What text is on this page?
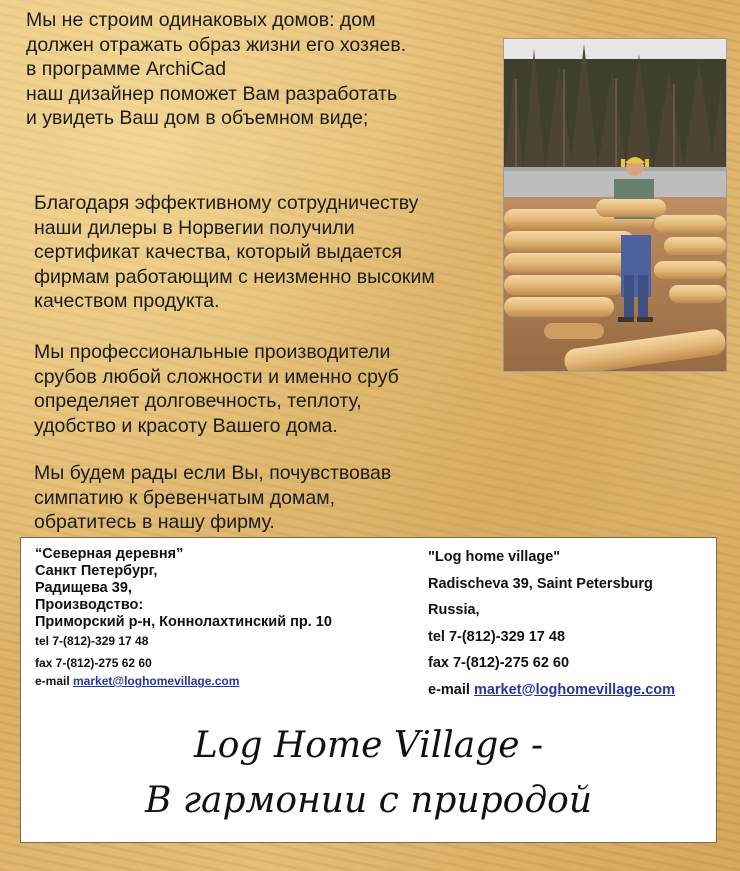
Мы не строим одинаковых домов: дом
должен отражать образ жизни его хозяев.
в программе ArchiCad
наш дизайнер поможет Вам разработать
и увидеть Ваш дом в объемном виде;

Благодаря эффективному сотрудничеству
наши дилеры в Норвегии получили
сертификат качества, который выдается
фирмам работающим с неизменно высоким
качеством продукта.

Мы профессиональные производители
срубов любой сложности и именно сруб
определяет долговечность, теплоту,
удобство и красоту Вашего дома.

Мы будем рады если Вы, почувствовав
симпатию к бревенчатым домам,
обратитесь в нашу фирму.

“Северная деревня”
Санкт Петербург,
Радищева 39,
Производство:
Приморский р-н, Коннолахтинский пр. 10
tel 7-(812)-329 17 48
fax 7-(812)-275 62 60
e-mail market@loghomevillage.com
"Log home village"
Radischeva 39, Saint Petersburg
Russia,
tel 7-(812)-329 17 48
fax 7-(812)-275 62 60
e-mail market@loghomevillage.com
Log Home Village -
В гармонии с природой
